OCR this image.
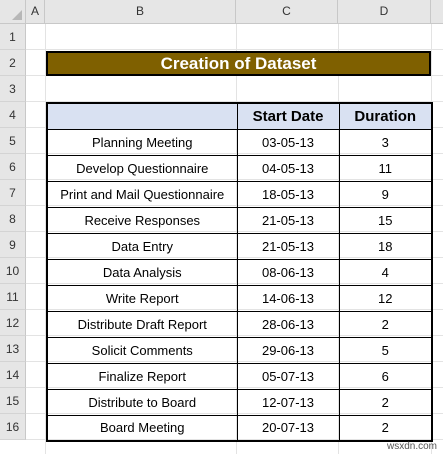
A	B	C	D
1
2
3
4
5
6
7
8
9
10
11
12
13
14
15
16
Creation of Dataset
	Start Date	Duration
Planning Meeting	03-05-13	3
Develop Questionnaire	04-05-13	11
Print and Mail Questionnaire	18-05-13	9
Receive Responses	21-05-13	15
Data Entry	21-05-13	18
Data Analysis	08-06-13	4
Write Report	14-06-13	12
Distribute Draft Report	28-06-13	2
Solicit Comments	29-06-13	5
Finalize Report	05-07-13	6
Distribute to Board	12-07-13	2
Board Meeting	20-07-13	2
wsxdn.com
